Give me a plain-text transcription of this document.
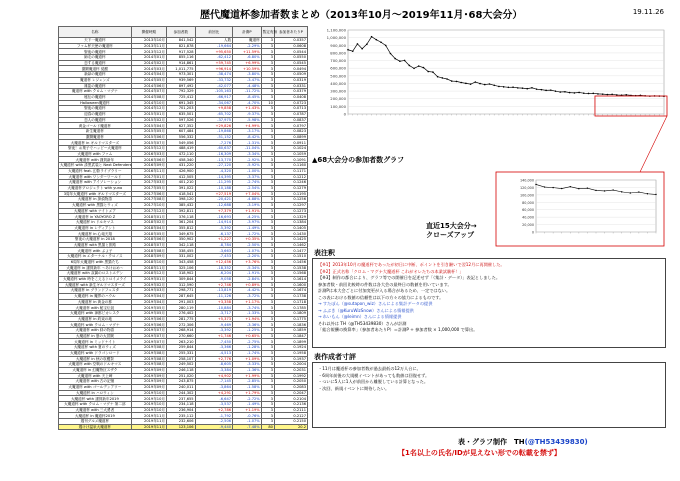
歴代魔道杯参加者数まとめ（2013年10月～2019年11月･68大会分）	19.11.26
名称	開催時期	参加者数	前回比	計測P	暫定有無	参加者あたりP
天下一魔道杯	2013年10月	841,542	人数	魔道杯	3	0.0357
ファム杯天使の魔道杯	2013年11月	821,878	-19,664	-2.29%	3	0.0608
聖夜の魔道杯	2013年12月	917,528	+95,650	+11.59%	3	0.0544
師走の魔道杯	2014年01月	855,116	-62,412	-6.80%	3	0.0550
恋する魔道杯	2014年02月	914,861	+59,745	+6.99%	3	0.0545
激闘魔道杯 覚醒	2014年03月	1,011,775	+96,914	+10.59%	3	0.0494
新緑の魔道杯	2014年04月	973,301	-38,474	-3.80%	3	0.0509
魔道杯 レジェンズ	2014年05月	939,569	-33,732	-3.47%	3	0.0319
雄姿の魔道杯	2014年06月	897,492	-42,077	-4.48%	3	0.0331
魔道杯 with クロム・マグナ	2014年07月	792,329	-105,163	-11.72%	3	0.0379
秘伝の魔道杯	2014年08月	725,412	-66,917	-8.45%	3	0.0408
Halloween魔道杯	2014年10月	691,345	-34,067	-4.70%	10	0.0723
聖夜の魔道杯	2014年12月	701,203	+9,858	+1.43%	3	0.0713
迎春の魔道杯	2015年01月	635,501	-65,702	-9.37%	3	0.0787
恋人の魔道杯	2015年02月	597,526	-37,975	-5.98%	3	0.0837
黄金ゴールド魔道杯	2015年04月	627,352	+29,826	+4.99%	3	0.0797
新生魔道杯	2015年05月	607,484	-19,868	-3.17%	3	0.0823
激闘魔道杯	2015年06月	556,332	-51,152	-8.42%	3	0.0899
大魔道杯 in ギルドマスターズ	2015年07月	549,056	-7,276	-1.31%	3	0.0911
聖夜！お菓子でハッピー大魔道杯	2015年12月	488,419	-60,637	-11.04%	3	0.1024
大魔道杯 with ファム	2016年03月	472,110	-16,309	-3.34%	3	0.1059
大魔道杯 with 謹賀新年	2016年06月	458,340	-13,770	-2.92%	3	0.1091
大魔道杯 with 漆黒武装と Next Defenders	2016年09月	431,220	-27,120	-5.92%	3	0.1160
大魔道杯 feat. 幻影ライブラリー	2016年11月	426,900	-4,320	-1.00%	3	0.1171
大魔道杯 with ワンダーワールド	2017年01月	412,505	-14,395	-3.37%	3	0.1212
大魔道杯 with アイソレーション	2017年03月	401,210	-11,295	-2.74%	3	0.1246
大魔道杯プロジェクト with yuno	2017年05月	391,022	-10,188	-2.54%	3	0.1279
3周年大魔道杯 with ギルドマスターズ	2017年06月	418,541	+27,519	+7.04%	3	0.1195
大魔道杯 in 探偵物語	2017年08月	398,120	-20,421	-4.88%	3	0.1256
大魔道杯 with 黒猫とウィズ	2017年10月	385,432	-12,688	-3.19%	3	0.1297
大魔道杯 with ナイトメア	2017年12月	392,811	+7,379	+1.91%	3	0.1273
大魔道杯 in YAOYORO Z	2018年01月	376,118	-16,693	-4.25%	3	0.1329
大魔道杯 in ドルキマス	2018年02月	361,204	-14,914	-3.97%	3	0.1384
大魔道杯 in レディアント	2018年04月	355,812	-5,392	-1.49%	3	0.1405
大魔道杯 in 心竜天翔	2018年05月	349,675	-6,137	-1.72%	3	0.1430
聖夜の大魔道杯 in 2018	2018年06月	350,902	+1,227	+0.35%	3	0.1425
大魔道杯 with 黒猫と旅路	2018年07月	342,118	-8,784	-2.50%	3	0.1462
大魔道杯 with ぷよ子	2018年08月	338,455	-3,663	-1.07%	3	0.1477
大魔道杯 in エターナル・クロノス	2018年09月	331,002	-7,453	-2.20%	3	0.1510
6周年大魔道杯 with 黒猫たち	2018年10月	343,458	+12,456	+3.76%	3	0.1456
大魔道杯 in 謹賀新年 ～あけおめ～	2018年11月	325,106	-18,352	-5.34%	3	0.1538
大魔道杯 with 双翼のロストエデン	2018年12月	318,902	-6,204	-1.91%	3	0.1568
大魔道杯 with 時をこえるトロイメライ	2019年01月	309,844	-9,058	-2.84%	3	0.1614
大魔道杯 with 新生ギルドマスターズ	2019年02月	312,590	+2,746	+0.89%	3	0.1600
大魔道杯 in グランドフェスタ	2019年03月	298,771	-13,819	-4.42%	3	0.1674
大魔道杯 in 魔界のハウル	2019年04月	287,645	-11,126	-3.72%	3	0.1738
大魔道杯 in 黄金の都	2019年04月	291,003	+3,358	+1.17%	3	0.1718
大魔道杯 with 秘宝伝説	2019年05月	280,119	-10,884	-3.74%	3	0.1785
大魔道杯 with 神都ピカレスク	2019年05月	276,402	-3,717	-1.33%	3	0.1809
大魔道杯 in 約束の地	2019年06月	281,775	+5,373	+1.94%	3	0.1775
大魔道杯 with クロム・マグナ	2019年06月	272,306	-9,469	-3.36%	3	0.1836
大魔道杯 with 絆の物語	2019年07月	268,914	-3,392	-1.25%	3	0.1859
大魔道杯 in 夏の大冒険	2019年07月	270,660	+1,746	+0.65%	3	0.1847
大魔道杯 in ミッドナイト	2019年07月	263,210	-7,450	-2.75%	3	0.1899
大魔道杯 with 夏のウィズ	2019年08月	259,844	-3,366	-1.28%	3	0.1924
大魔道杯 with ドラゴンロード	2019年08月	255,331	-4,513	-1.74%	3	0.1958
大魔道杯 in 秋の収穫祭	2019年08月	258,107	+2,776	+1.09%	3	0.1937
大魔道杯 with 空戦のドルキマス	2019年08月	249,502	-8,605	-3.33%	3	0.2004
大魔道杯 in 幻魔特区スザク	2019年09月	246,118	-3,384	-1.36%	3	0.2031
大魔道杯 with 天上岬	2019年09月	251,020	+4,902	+1.99%	3	0.1992
大魔道杯 with 古の記憶	2019年09月	243,875	-7,145	-2.85%	3	0.2050
大魔道杯 with ゴールデンアワー	2019年09月	240,011	-3,864	-1.58%	3	0.2083
大魔道杯 in ハロウィン	2019年10月	244,302	+4,291	+1.79%	3	0.2047
大魔道杯 with 謹賀新年2019	2019年10月	237,655	-6,647	-2.72%	3	0.2104
大魔道杯 with クロム・マグナ 第二部	2019年10月	234,118	-3,537	-1.49%	3	0.2136
大魔道杯 with 三大勇者	2019年10月	236,904	+2,786	+1.19%	3	0.2111
大魔道杯 in 魔道杯2019	2019年11月	235,112	-1,792	-0.76%	3	0.2127
週刊グルメ魔道杯	2019年11月	232,606	-2,506	-1.07%	3	0.2150
週けげ温泉大魔道杯	2019年11月	123,106	-9,440	-7.48%	80	20.2
1,100,000
1,000,000
900,000
800,000
700,000
600,000
500,000
400,000
300,000
200,000
100,000
0
140,000
120,000
100,000
80,000
60,000
40,000
20,000
0
▲68大会分の参加者数グラフ
直近15大会分→
クローズアップ
表注釈
【※1】2013年10月の魔道杯であったが初日に中断、ポイントを引き継いで翌12月に再開催した。
【※2】正式名称「クロム・マグナ大魔道杯 これがオレたちの本業試験杯！」
【※3】制作の都合により、グラフ等での開催日を記述せず「（集計・データ）」表記としました。
参加者数・前回比較時の件数は各大会の最終日の数値を用いています。
計測Pは本大会ごとに付加変更が入る場合があるため、一定ではない。
この表における数値の信頼性は以下の方々の協力によるものです。
→ すたぽん（@sutapon_wiz）さんによる集計データの提供
→ ふぶき（@KuruWizSnow）さんによる情報提供
→ れいもん（@leimn）さんによる情報提供
それ以外は TH（@TH53439830）さんが計測
「総合報酬の換算率」（参加者あたりP）＝計測P ÷ 参加者数 × 1,000,000 で算出。
表作成者寸評
・11月は魔道杯の参加者数が過去最低の12万人台に。
・6周年前後の大規模イベントがあっても数値は回復せず。
・ついに5人に1人が前回から離脱している計算となった。
・次回、新規イベントに期待したい。
表・グラフ制作　TH(@TH53439830)
【1名以上の氏名/IDが見えない形での転載を禁ず】
